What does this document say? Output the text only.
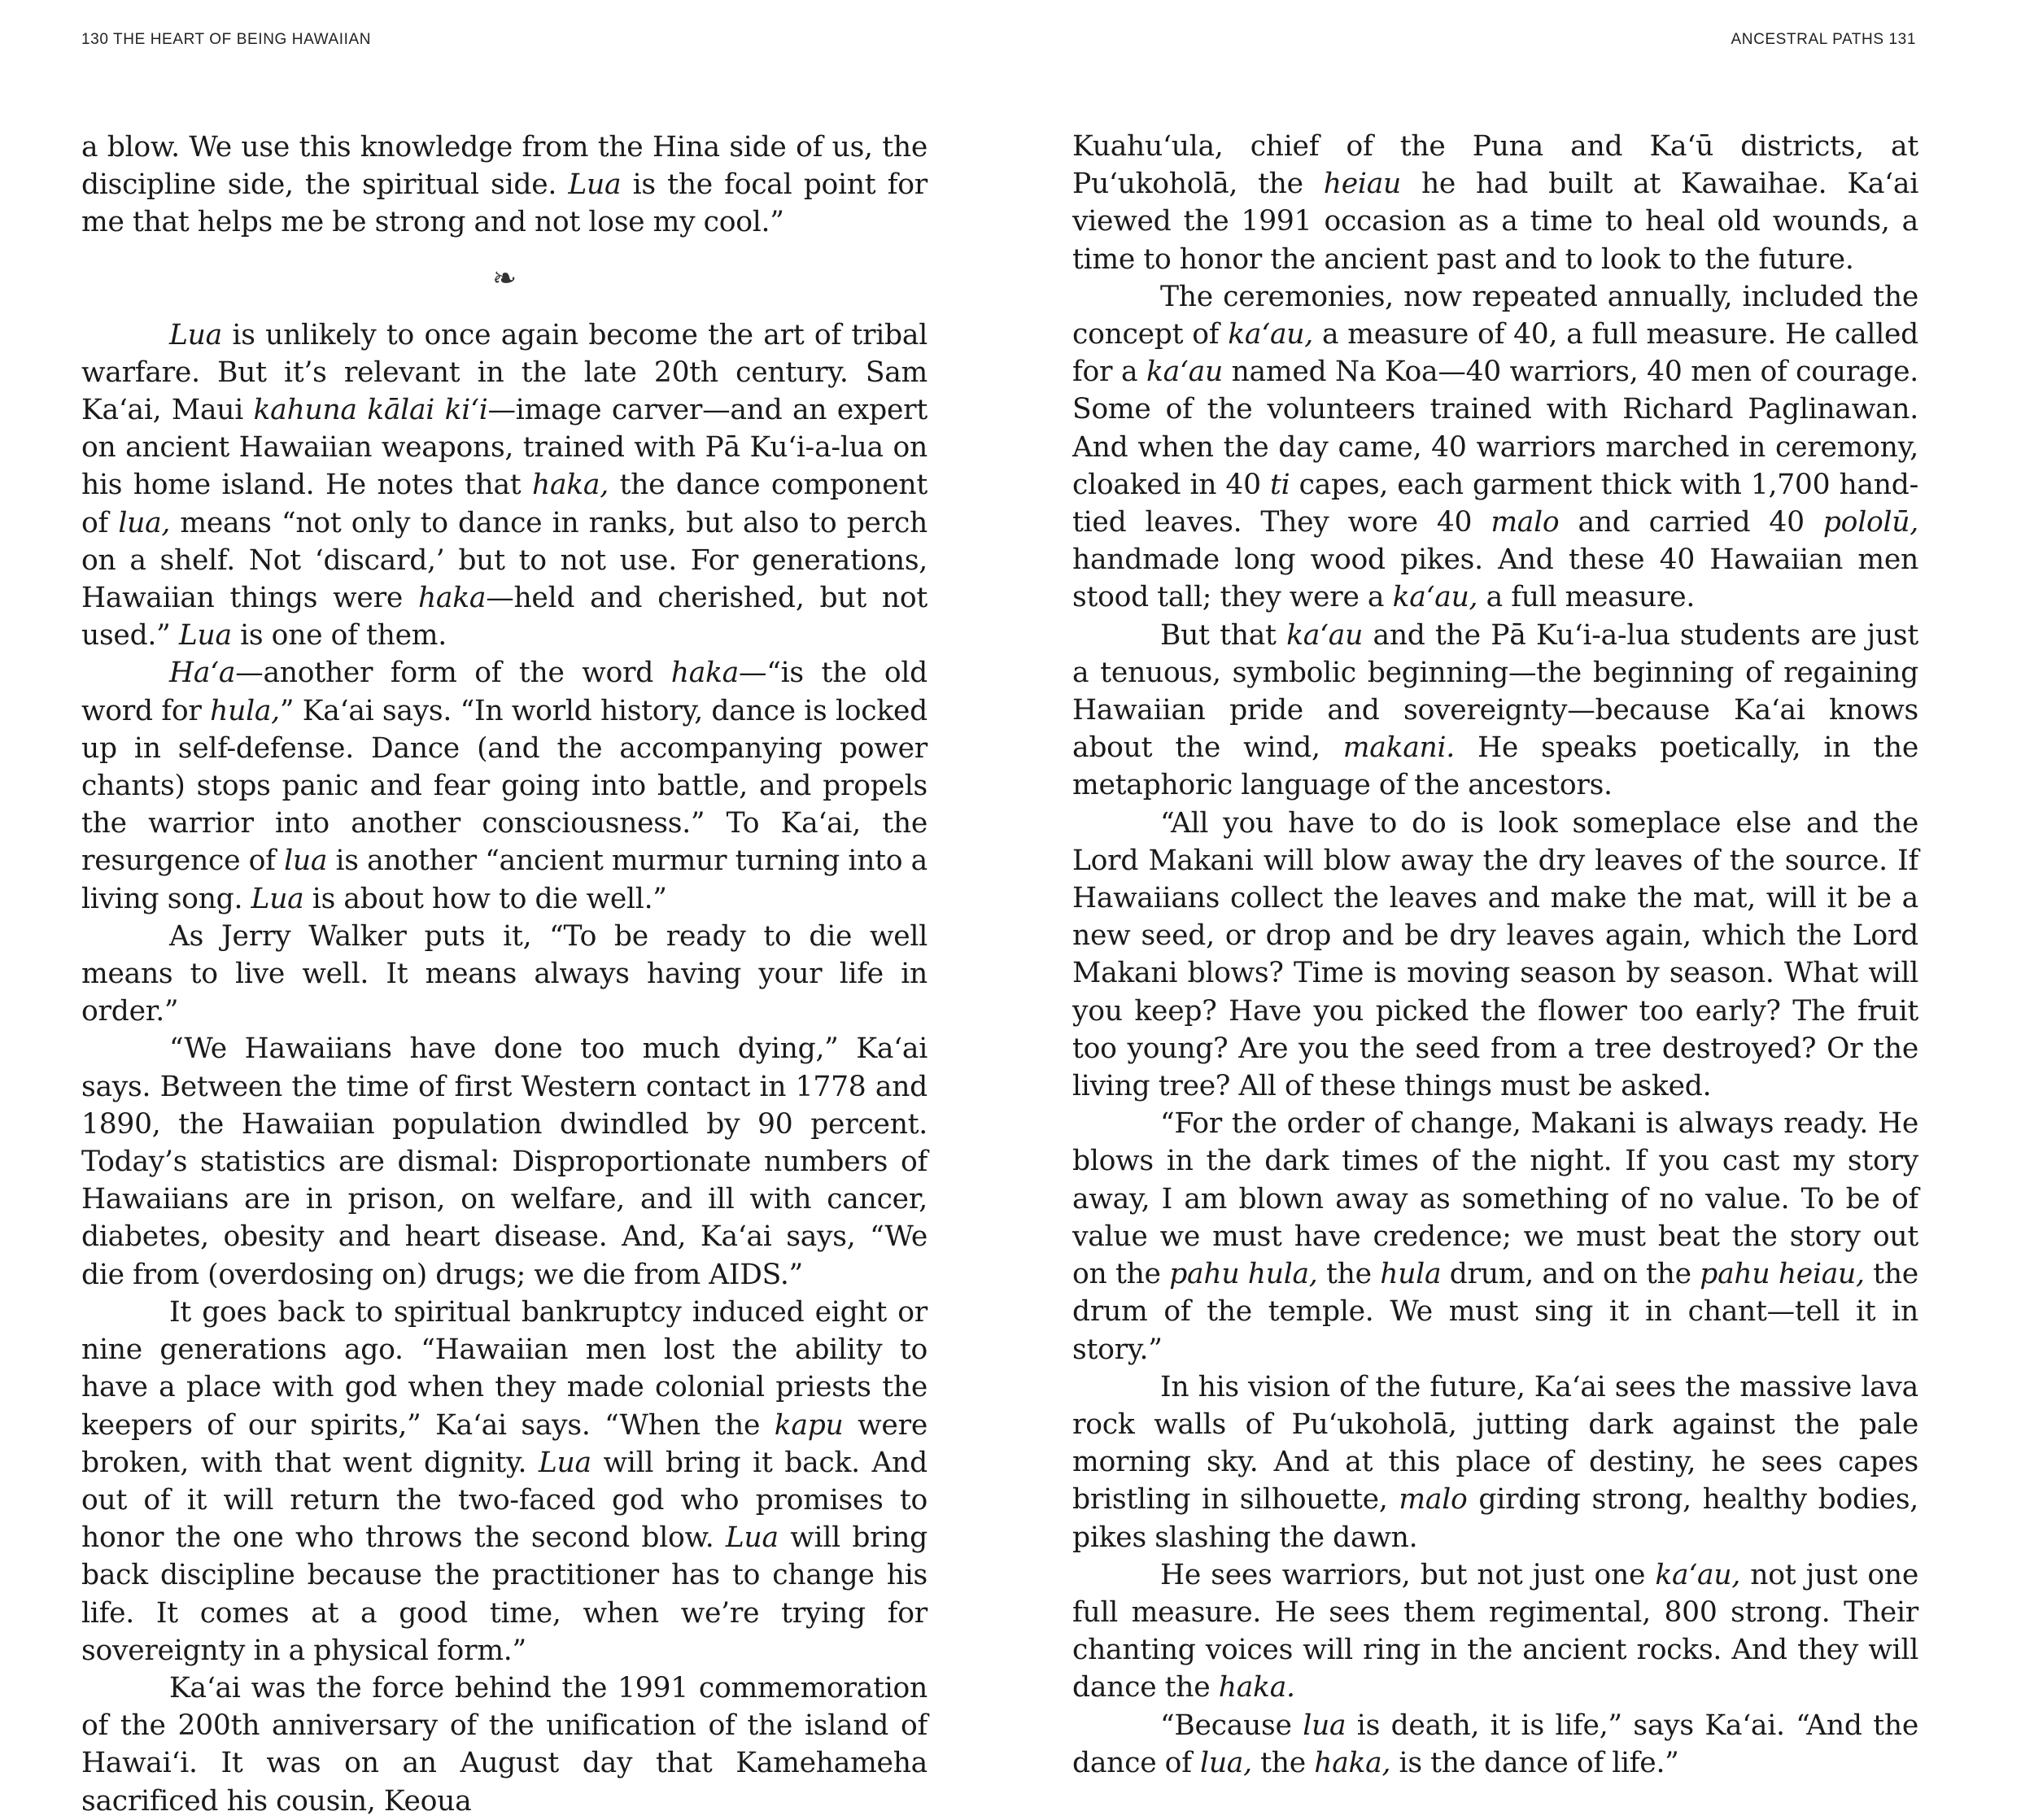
130 THE HEART OF BEING HAWAIIAN

a blow. We use this knowledge from the Hina side of us, the discipline side, the spiritual side. Lua is the focal point for me that helps me be strong and not lose my cool.”

❧

Lua is unlikely to once again become the art of tribal warfare. But it’s relevant in the late 20th century. Sam Ka‘ai, Maui kahuna kālai ki‘i—image carver—and an expert on ancient Hawaiian weapons, trained with Pā Ku‘i-a-lua on his home island. He notes that haka, the dance component of lua, means “not only to dance in ranks, but also to perch on a shelf. Not ‘discard,’ but to not use. For generations, Hawaiian things were haka—held and cherished, but not used.” Lua is one of them.

Ha‘a—another form of the word haka—“is the old word for hula,” Ka‘ai says. “In world history, dance is locked up in self-defense. Dance (and the accompanying power chants) stops panic and fear going into battle, and propels the warrior into another consciousness.” To Ka‘ai, the resurgence of lua is another “ancient murmur turning into a living song. Lua is about how to die well.”

As Jerry Walker puts it, “To be ready to die well means to live well. It means always having your life in order.”

“We Hawaiians have done too much dying,” Ka‘ai says. Between the time of first Western contact in 1778 and 1890, the Hawaiian population dwindled by 90 percent. Today’s statistics are dismal: Disproportionate numbers of Hawaiians are in prison, on welfare, and ill with cancer, diabetes, obesity and heart disease. And, Ka‘ai says, “We die from (overdosing on) drugs; we die from AIDS.”

It goes back to spiritual bankruptcy induced eight or nine generations ago. “Hawaiian men lost the ability to have a place with god when they made colonial priests the keepers of our spirits,” Ka‘ai says. “When the kapu were broken, with that went dignity. Lua will bring it back. And out of it will return the two-faced god who promises to honor the one who throws the second blow. Lua will bring back discipline because the practitioner has to change his life. It comes at a good time, when we’re trying for sovereignty in a physical form.”

Ka‘ai was the force behind the 1991 commemoration of the 200th anniversary of the unification of the island of Hawai‘i. It was on an August day that Kamehameha sacrificed his cousin, Keoua

ANCESTRAL PATHS 131

Kuahu‘ula, chief of the Puna and Ka‘ū districts, at Pu‘ukoholā, the heiau he had built at Kawaihae. Ka‘ai viewed the 1991 occasion as a time to heal old wounds, a time to honor the ancient past and to look to the future.

The ceremonies, now repeated annually, included the concept of ka‘au, a measure of 40, a full measure. He called for a ka‘au named Na Koa—40 warriors, 40 men of courage. Some of the volunteers trained with Richard Paglinawan. And when the day came, 40 warriors marched in ceremony, cloaked in 40 ti capes, each garment thick with 1,700 hand-tied leaves. They wore 40 malo and carried 40 pololū, handmade long wood pikes. And these 40 Hawaiian men stood tall; they were a ka‘au, a full measure.

But that ka‘au and the Pā Ku‘i-a-lua students are just a tenuous, symbolic beginning—the beginning of regaining Hawaiian pride and sovereignty—because Ka‘ai knows about the wind, makani. He speaks poetically, in the metaphoric language of the ancestors.

“All you have to do is look someplace else and the Lord Makani will blow away the dry leaves of the source. If Hawaiians collect the leaves and make the mat, will it be a new seed, or drop and be dry leaves again, which the Lord Makani blows? Time is moving season by season. What will you keep? Have you picked the flower too early? The fruit too young? Are you the seed from a tree destroyed? Or the living tree? All of these things must be asked.

“For the order of change, Makani is always ready. He blows in the dark times of the night. If you cast my story away, I am blown away as something of no value. To be of value we must have credence; we must beat the story out on the pahu hula, the hula drum, and on the pahu heiau, the drum of the temple. We must sing it in chant—tell it in story.”

In his vision of the future, Ka‘ai sees the massive lava rock walls of Pu‘ukoholā, jutting dark against the pale morning sky. And at this place of destiny, he sees capes bristling in silhouette, malo girding strong, healthy bodies, pikes slashing the dawn.

He sees warriors, but not just one ka‘au, not just one full measure. He sees them regimental, 800 strong. Their chanting voices will ring in the ancient rocks. And they will dance the haka.

“Because lua is death, it is life,” says Ka‘ai. “And the dance of lua, the haka, is the dance of life.”
